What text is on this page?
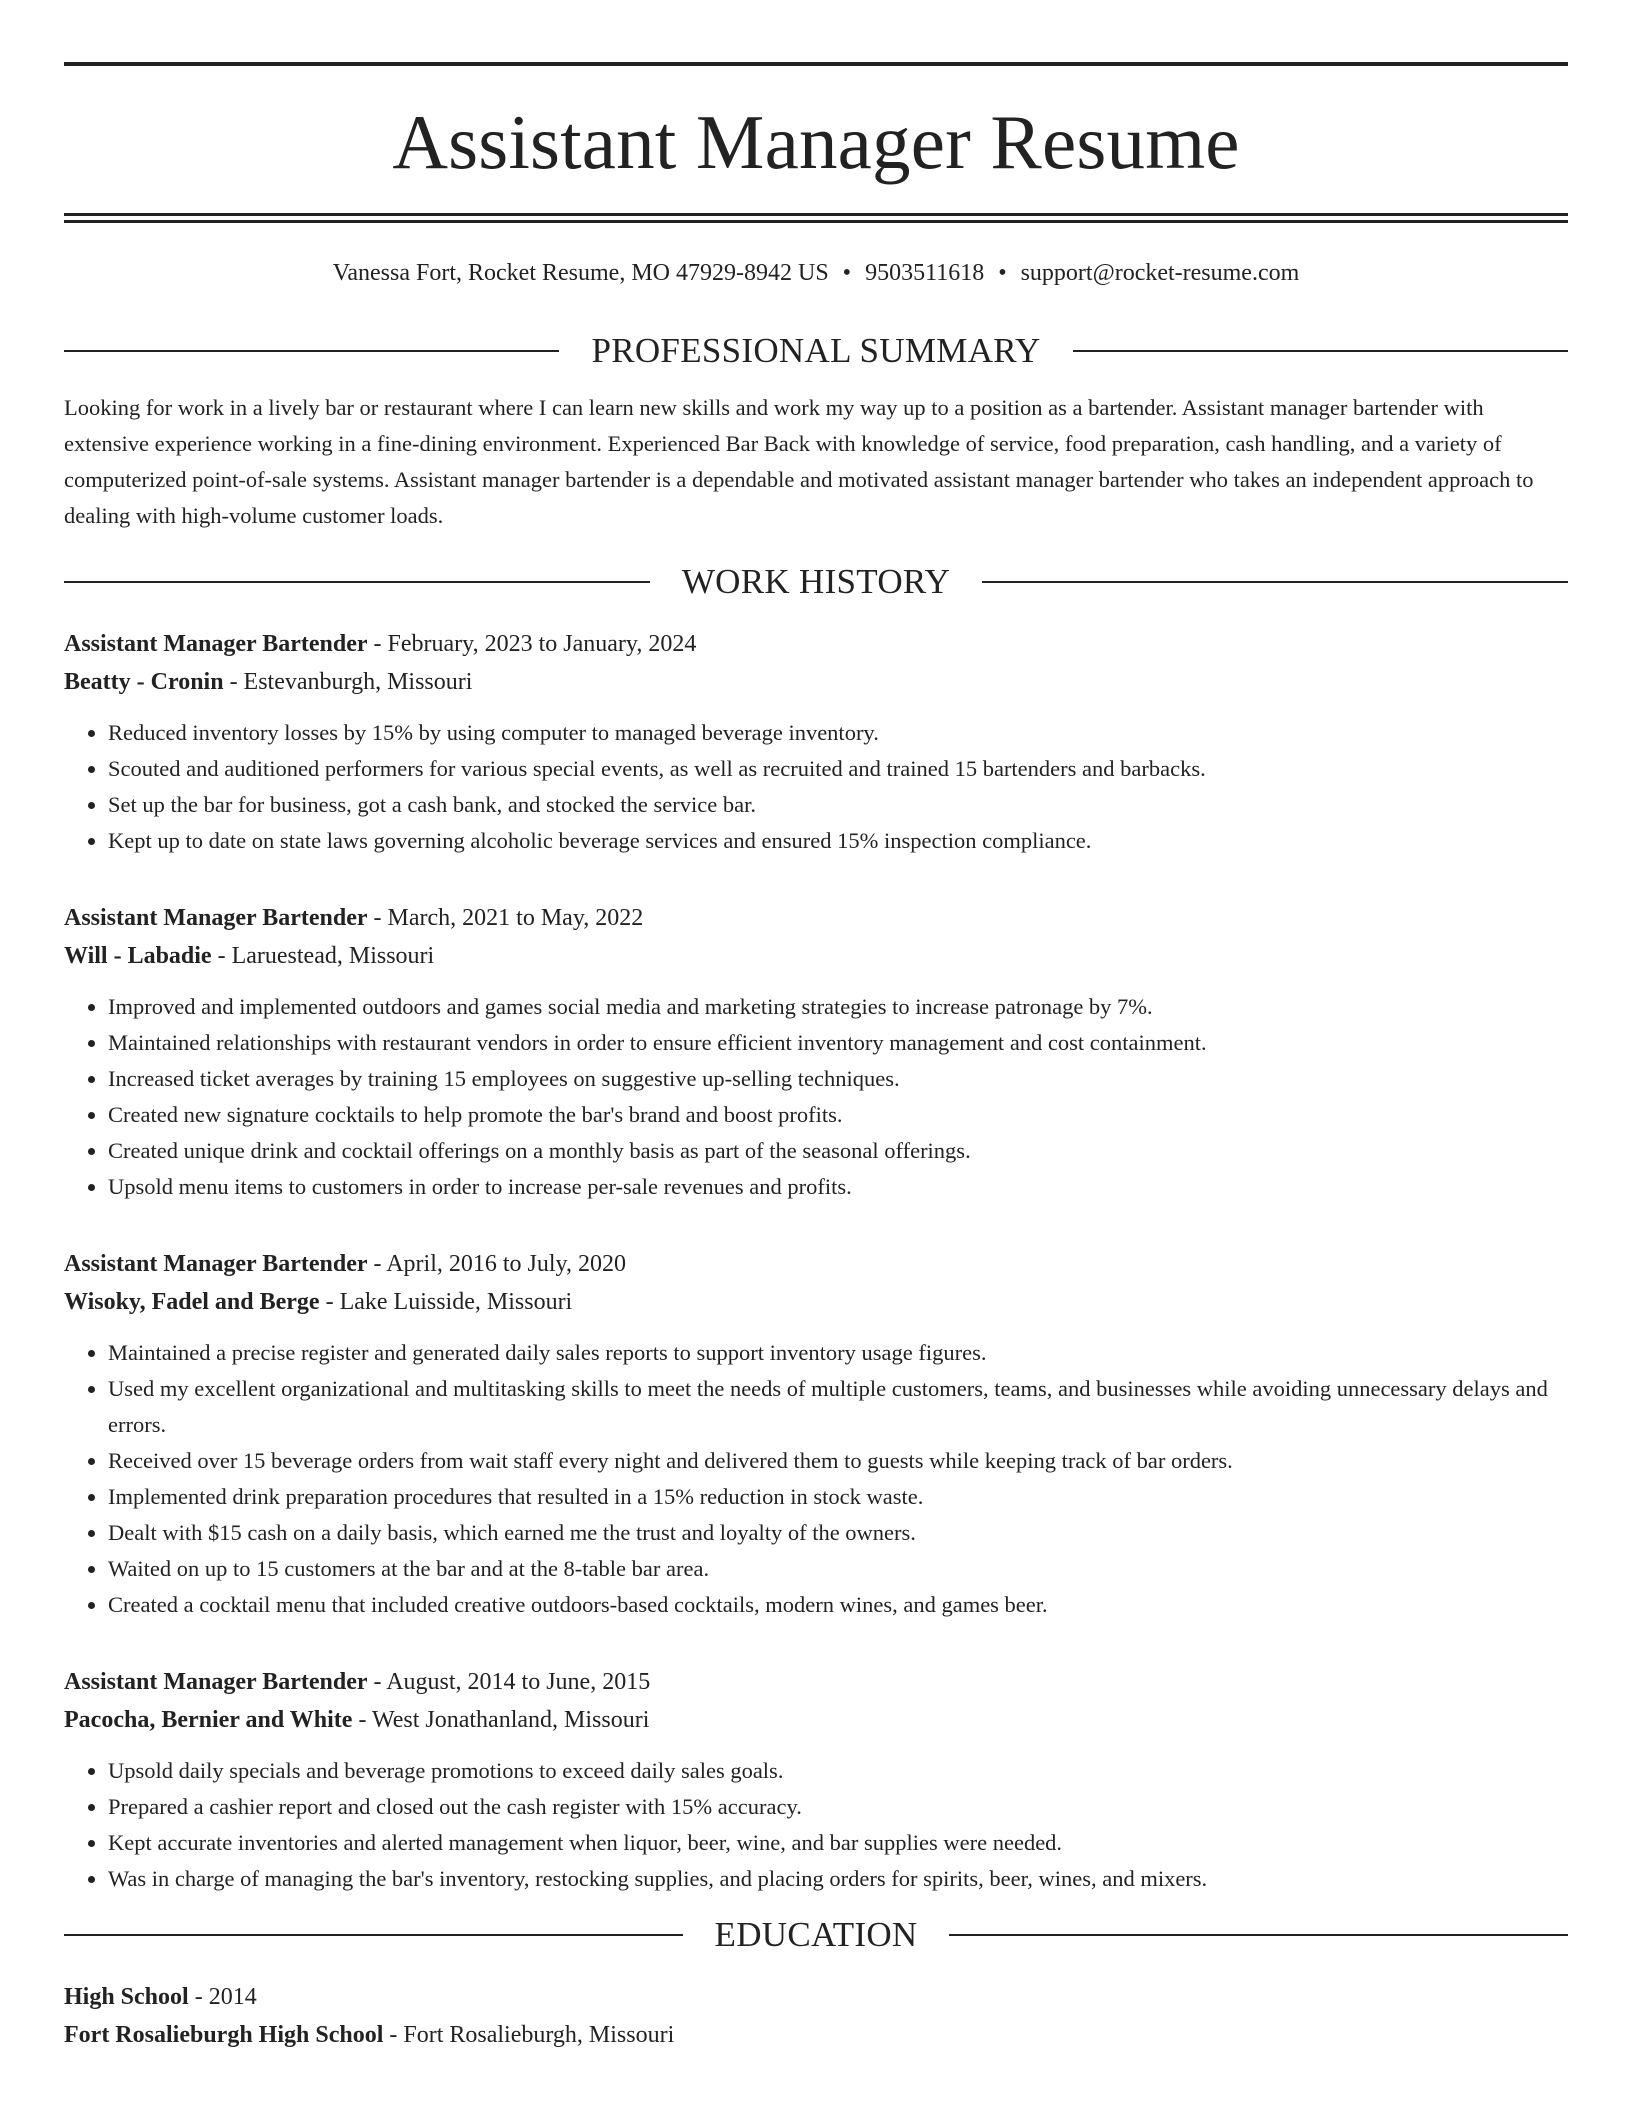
Assistant Manager Resume
Vanessa Fort, Rocket Resume, MO 47929-8942 US • 9503511618 • support@rocket-resume.com
PROFESSIONAL SUMMARY

Looking for work in a lively bar or restaurant where I can learn new skills and work my way up to a position as a bartender. Assistant manager bartender with extensive experience working in a fine-dining environment. Experienced Bar Back with knowledge of service, food preparation, cash handling, and a variety of computerized point-of-sale systems. Assistant manager bartender is a dependable and motivated assistant manager bartender who takes an independent approach to dealing with high-volume customer loads.

WORK HISTORY
Assistant Manager Bartender - February, 2023 to January, 2024
Beatty - Cronin - Estevanburgh, Missouri
• Reduced inventory losses by 15% by using computer to managed beverage inventory.
• Scouted and auditioned performers for various special events, as well as recruited and trained 15 bartenders and barbacks.
• Set up the bar for business, got a cash bank, and stocked the service bar.
• Kept up to date on state laws governing alcoholic beverage services and ensured 15% inspection compliance.
Assistant Manager Bartender - March, 2021 to May, 2022
Will - Labadie - Laruestead, Missouri
• Improved and implemented outdoors and games social media and marketing strategies to increase patronage by 7%.
• Maintained relationships with restaurant vendors in order to ensure efficient inventory management and cost containment.
• Increased ticket averages by training 15 employees on suggestive up-selling techniques.
• Created new signature cocktails to help promote the bar's brand and boost profits.
• Created unique drink and cocktail offerings on a monthly basis as part of the seasonal offerings.
• Upsold menu items to customers in order to increase per-sale revenues and profits.
Assistant Manager Bartender - April, 2016 to July, 2020
Wisoky, Fadel and Berge - Lake Luisside, Missouri
• Maintained a precise register and generated daily sales reports to support inventory usage figures.
• Used my excellent organizational and multitasking skills to meet the needs of multiple customers, teams, and businesses while avoiding unnecessary delays and errors.
• Received over 15 beverage orders from wait staff every night and delivered them to guests while keeping track of bar orders.
• Implemented drink preparation procedures that resulted in a 15% reduction in stock waste.
• Dealt with $15 cash on a daily basis, which earned me the trust and loyalty of the owners.
• Waited on up to 15 customers at the bar and at the 8-table bar area.
• Created a cocktail menu that included creative outdoors-based cocktails, modern wines, and games beer.
Assistant Manager Bartender - August, 2014 to June, 2015
Pacocha, Bernier and White - West Jonathanland, Missouri
• Upsold daily specials and beverage promotions to exceed daily sales goals.
• Prepared a cashier report and closed out the cash register with 15% accuracy.
• Kept accurate inventories and alerted management when liquor, beer, wine, and bar supplies were needed.
• Was in charge of managing the bar's inventory, restocking supplies, and placing orders for spirits, beer, wines, and mixers.
EDUCATION
High School - 2014
Fort Rosalieburgh High School - Fort Rosalieburgh, Missouri
